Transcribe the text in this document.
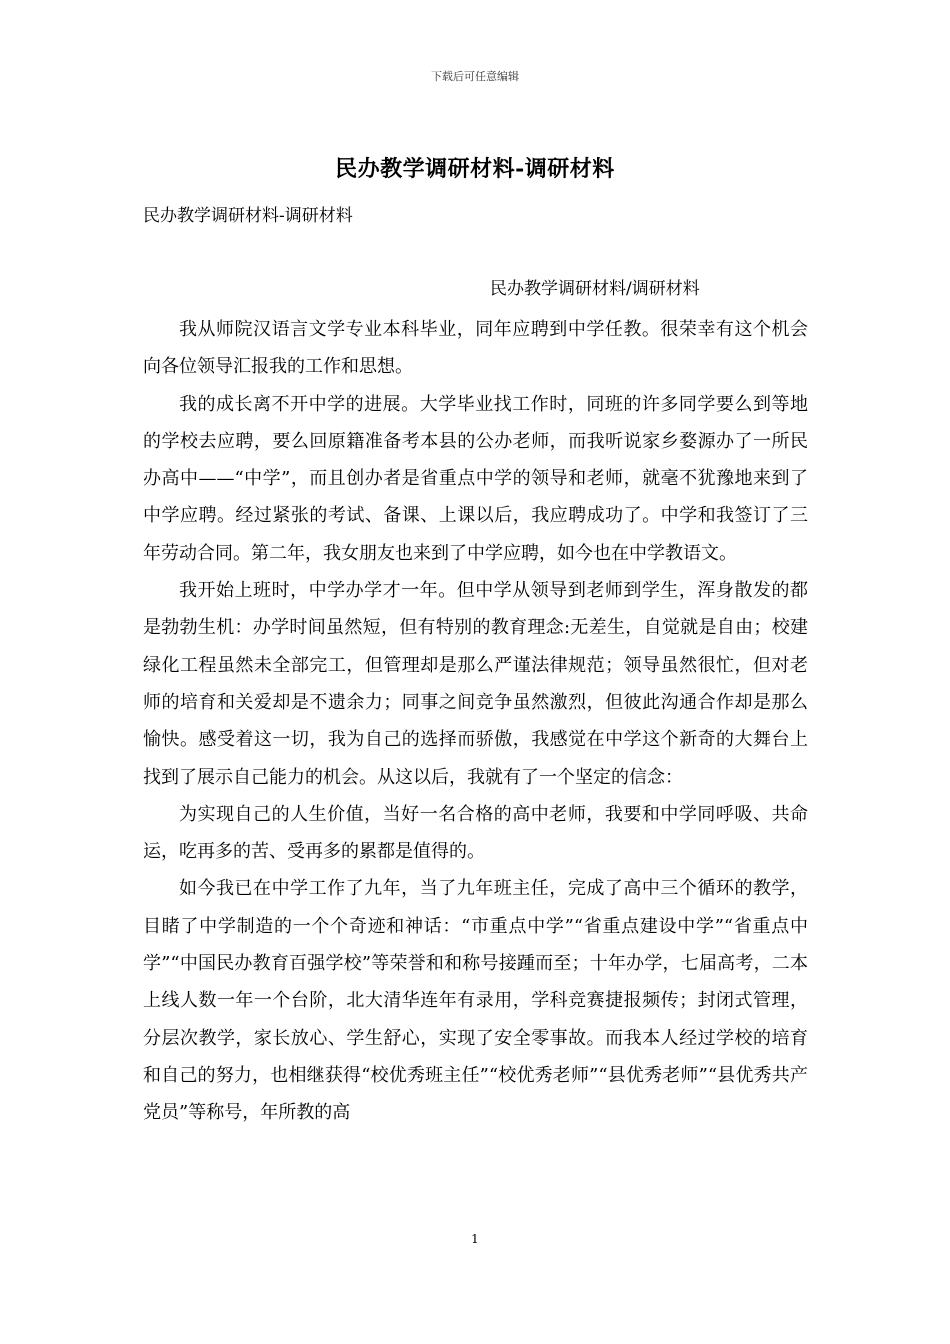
下载后可任意编辑
民办教学调研材料-调研材料
民办教学调研材料-调研材料
民办教学调研材料/调研材料

我从师院汉语言文学专业本科毕业，同年应聘到中学任教。很荣幸有这个机会向各位领导汇报我的工作和思想。

我的成长离不开中学的进展。大学毕业找工作时，同班的许多同学要么到等地的学校去应聘，要么回原籍准备考本县的公办老师，而我听说家乡婺源办了一所民办高中——“中学”，而且创办者是省重点中学的领导和老师，就毫不犹豫地来到了中学应聘。经过紧张的考试、备课、上课以后，我应聘成功了。中学和我签订了三年劳动合同。第二年，我女朋友也来到了中学应聘，如今也在中学教语文。

我开始上班时，中学办学才一年。但中学从领导到老师到学生，浑身散发的都是勃勃生机：办学时间虽然短，但有特别的教育理念:无差生，自觉就是自由；校建绿化工程虽然未全部完工，但管理却是那么严谨法律规范；领导虽然很忙，但对老师的培育和关爱却是不遗余力；同事之间竞争虽然激烈，但彼此沟通合作却是那么愉快。感受着这一切，我为自己的选择而骄傲，我感觉在中学这个新奇的大舞台上找到了展示自己能力的机会。从这以后，我就有了一个坚定的信念：

为实现自己的人生价值，当好一名合格的高中老师，我要和中学同呼吸、共命运，吃再多的苦、受再多的累都是值得的。

如今我已在中学工作了九年，当了九年班主任，完成了高中三个循环的教学，目睹了中学制造的一个个奇迹和神话：“市重点中学”“省重点建设中学”“省重点中学”“中国民办教育百强学校”等荣誉和和称号接踵而至；十年办学，七届高考，二本上线人数一年一个台阶，北大清华连年有录用，学科竞赛捷报频传；封闭式管理，分层次教学，家长放心、学生舒心，实现了安全零事故。而我本人经过学校的培育和自己的努力，也相继获得“校优秀班主任”“校优秀老师”“县优秀老师”“县优秀共产党员”等称号，年所教的高

1
